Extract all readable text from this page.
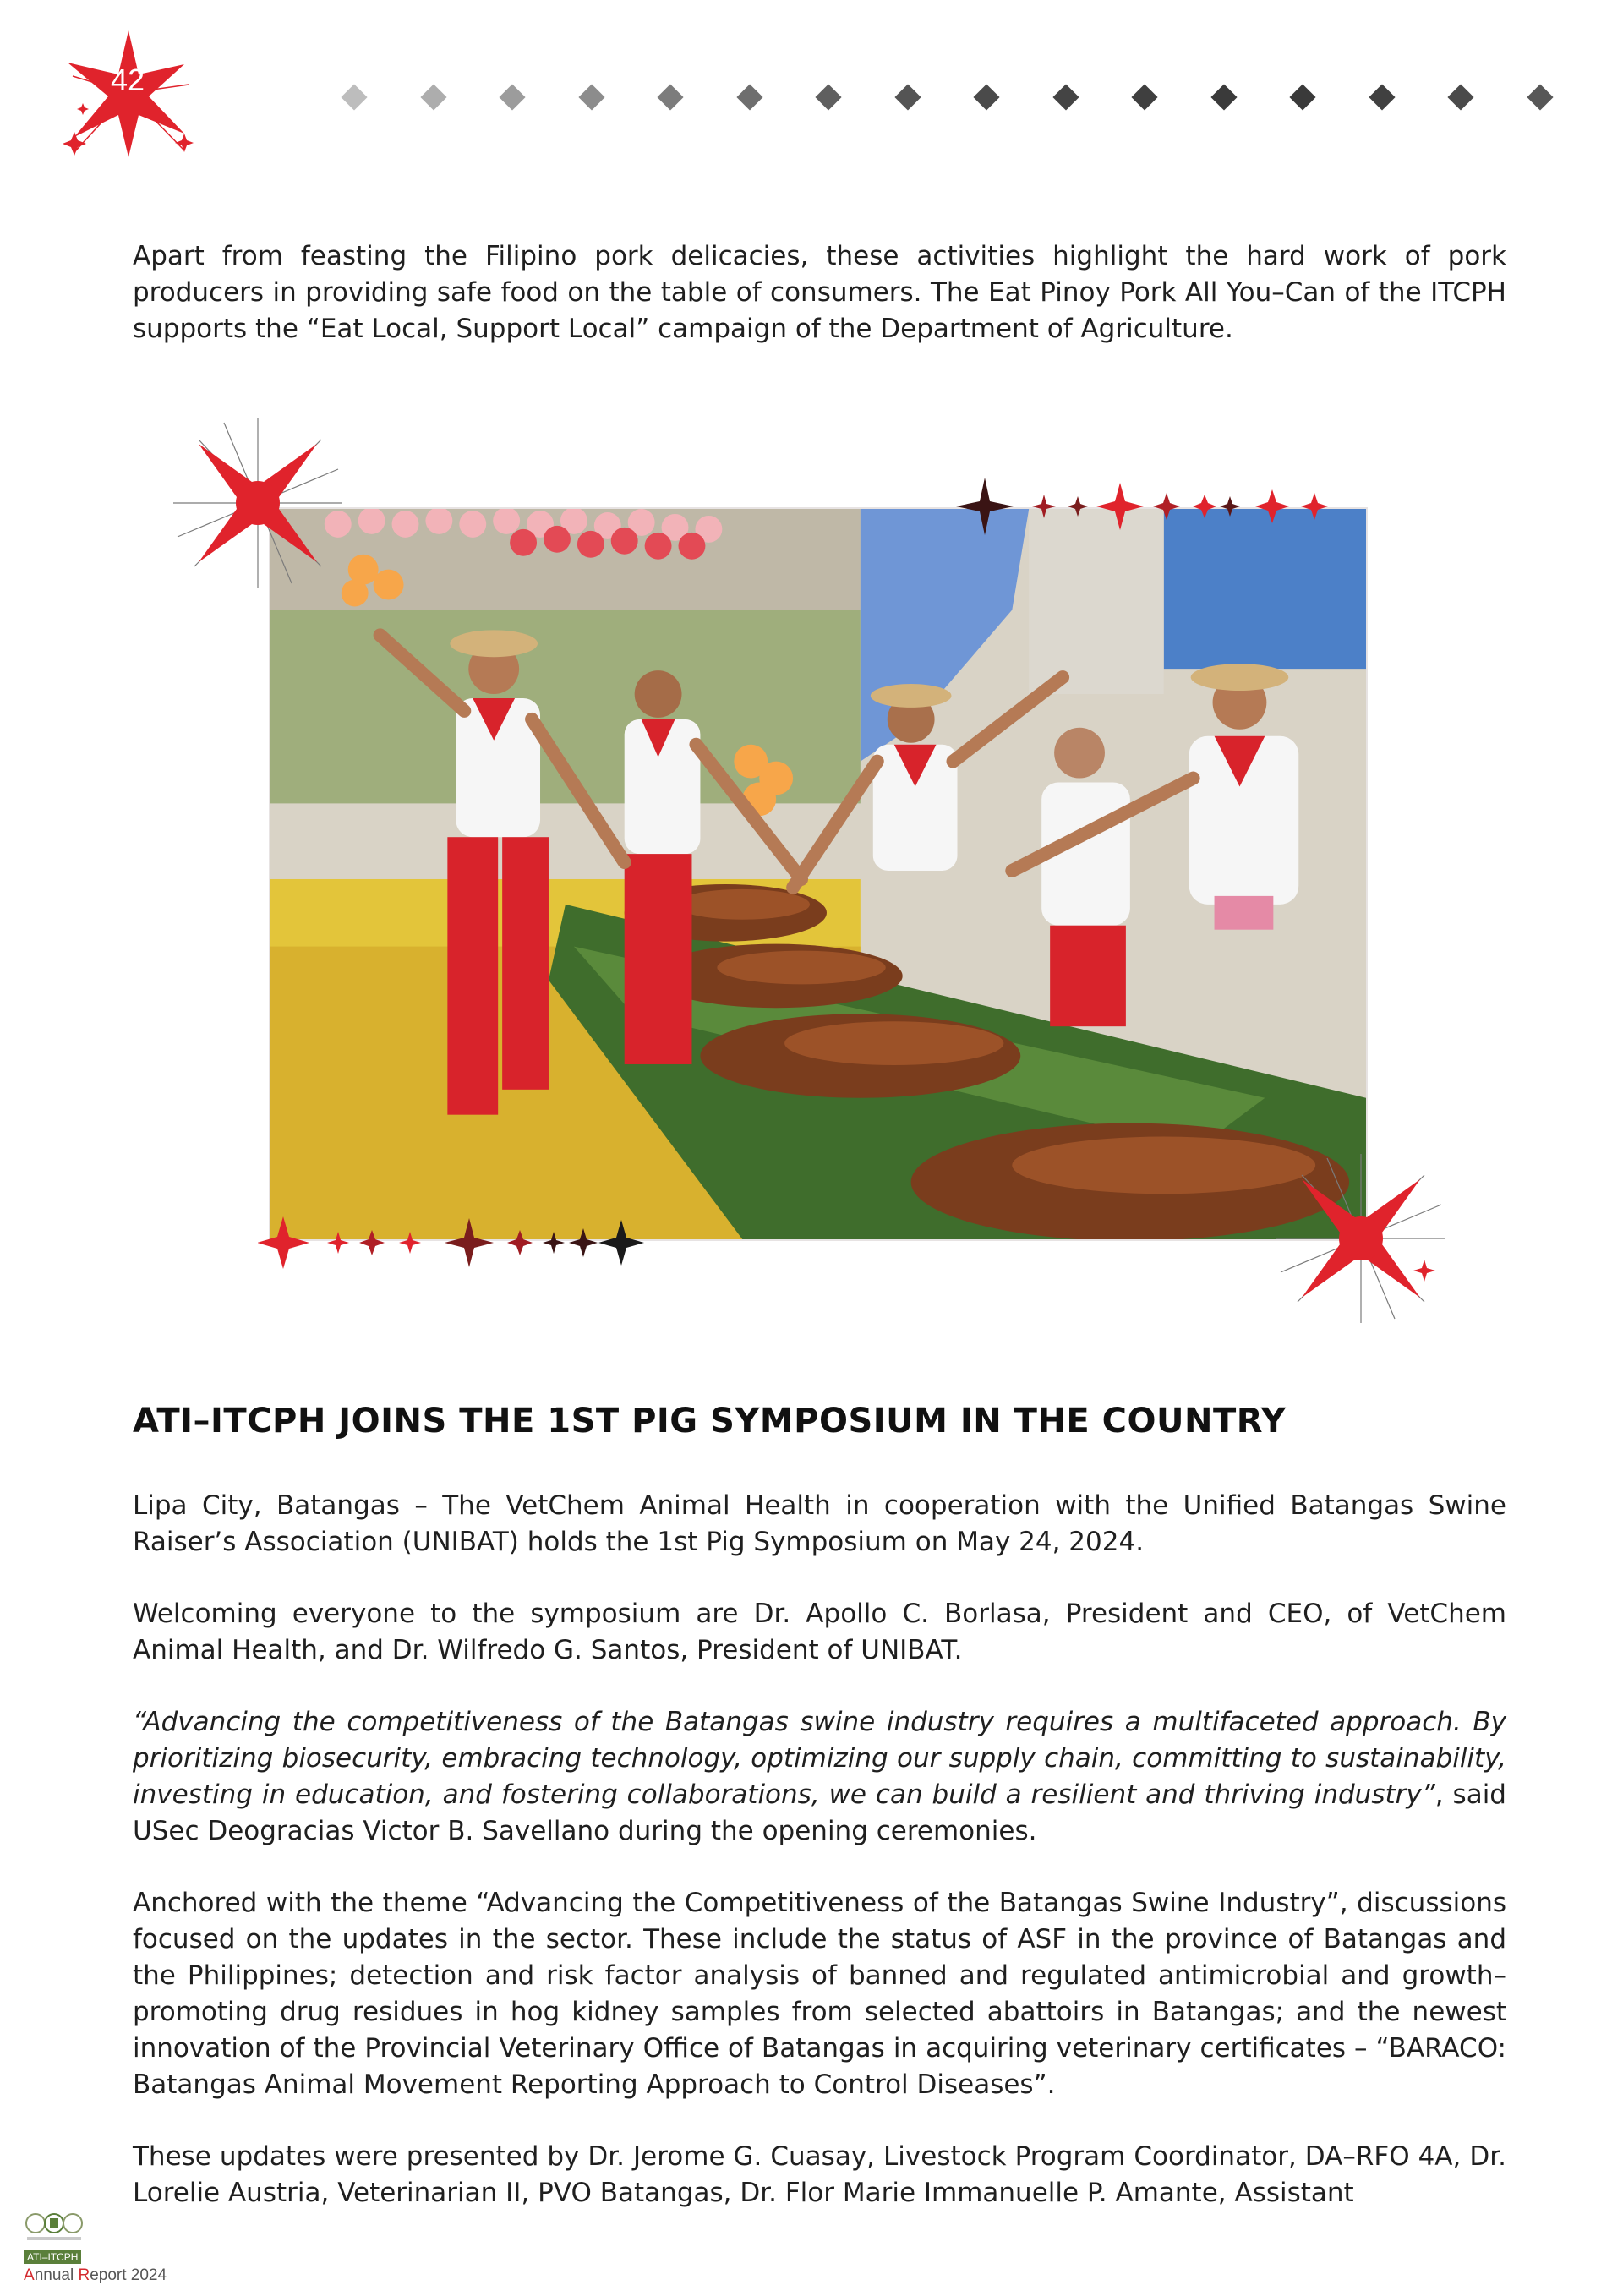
42

Apart from feasting the Filipino pork delicacies, these activities highlight the hard work of pork producers in providing safe food on the table of consumers. The Eat Pinoy Pork All You–Can of the ITCPH supports the “Eat Local, Support Local” campaign of the Department of Agriculture.

ATI–ITCPH JOINS THE 1ST PIG SYMPOSIUM IN THE COUNTRY

Lipa City, Batangas – The VetChem Animal Health in cooperation with the Unified Batangas Swine Raiser’s Association (UNIBAT) holds the 1st Pig Symposium on May 24, 2024.

Welcoming everyone to the symposium are Dr. Apollo C. Borlasa, President and CEO, of VetChem Animal Health, and Dr. Wilfredo G. Santos, President of UNIBAT.

“Advancing the competitiveness of the Batangas swine industry requires a multifaceted approach. By prioritizing biosecurity, embracing technology, optimizing our supply chain, committing to sustainability, investing in education, and fostering collaborations, we can build a resilient and thriving industry”, said USec Deogracias Victor B. Savellano during the opening ceremonies.

Anchored with the theme “Advancing the Competitiveness of the Batangas Swine Industry”, discussions focused on the updates in the sector. These include the status of ASF in the province of Batangas and the Philippines; detection and risk factor analysis of banned and regulated antimicrobial and growth–promoting drug residues in hog kidney samples from selected abattoirs in Batangas; and the newest innovation of the Provincial Veterinary Office of Batangas in acquiring veterinary certificates – “BARACO: Batangas Animal Movement Reporting Approach to Control Diseases”.

These updates were presented by Dr. Jerome G. Cuasay, Livestock Program Coordinator, DA–RFO 4A, Dr. Lorelie Austria, Veterinarian II, PVO Batangas, Dr. Flor Marie Immanuelle P. Amante, Assistant

ATI–ITCPH
Annual Report 2024
